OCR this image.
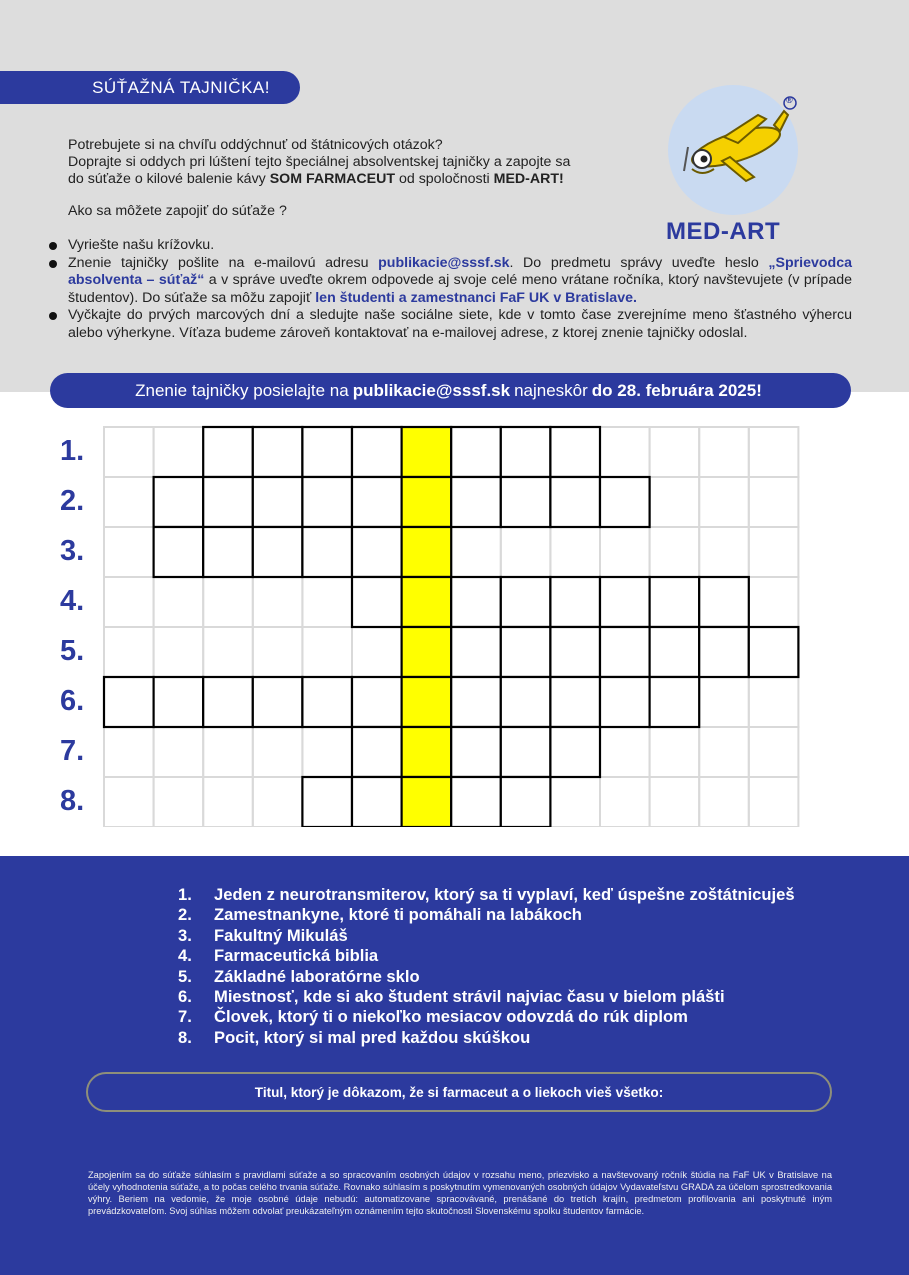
SÚŤAŽNÁ TAJNIČKA!

Potrebujete si na chvíľu oddýchnuť od štátnicových otázok?

Doprajte si oddych pri lúštení tejto špeciálnej absolventskej tajničky a zapojte sa

do súťaže o kilové balenie kávy SOM FARMACEUT od spoločnosti MED-ART!

Ako sa môžete zapojiť do súťaže ?
Vyriešte našu krížovku.
Znenie tajničky pošlite na e-mailovú adresu publikacie@sssf.sk. Do predmetu správy uveďte heslo „Sprievodca absolventa – súťaž“ a v správe uveďte okrem odpovede aj svoje celé meno vrátane ročníka, ktorý navštevujete (v prípade študentov). Do súťaže sa môžu zapojiť len študenti a zamestnanci FaF UK v Bratislave.
Vyčkajte do prvých marcových dní a sledujte naše sociálne siete, kde v tomto čase zverejníme meno šťastného výhercu alebo výherkyne. Víťaza budeme zároveň kontaktovať na e-mailovej adrese, z ktorej znenie tajničky odoslal.
®
MED-ART
Znenie tajničky posielajte na publikacie@sssf.sk najneskôr do 28. februára 2025!
1.
2.
3.
4.
5.
6.
7.
8.
1.	Jeden z neurotransmiterov, ktorý sa ti vyplaví, keď úspešne zoštátnicuješ
2.	Zamestnankyne, ktoré ti pomáhali na labákoch
3.	Fakultný Mikuláš
4.	Farmaceutická biblia
5.	Základné laboratórne sklo
6.	Miestnosť, kde si ako študent strávil najviac času v bielom plášti
7.	Človek, ktorý ti o niekoľko mesiacov odovzdá do rúk diplom
8.	Pocit, ktorý si mal pred každou skúškou
Titul, ktorý je dôkazom, že si farmaceut a o liekoch vieš všetko:
Zapojením sa do súťaže súhlasím s pravidlami súťaže a so spracovaním osobných údajov v rozsahu meno, priezvisko a navštevovaný ročník štúdia na FaF UK v Bratislave na účely vyhodnotenia súťaže, a to počas celého trvania súťaže. Rovnako súhlasím s poskytnutím vymenovaných osobných údajov Vydavateľstvu GRADA za účelom sprostredkovania výhry. Beriem na vedomie, že moje osobné údaje nebudú: automatizovane spracovávané, prenášané do tretích krajín, predmetom profilovania ani poskytnuté iným prevádzkovateľom. Svoj súhlas môžem odvolať preukázateľným oznámením tejto skutočnosti Slovenskému spolku študentov farmácie.
